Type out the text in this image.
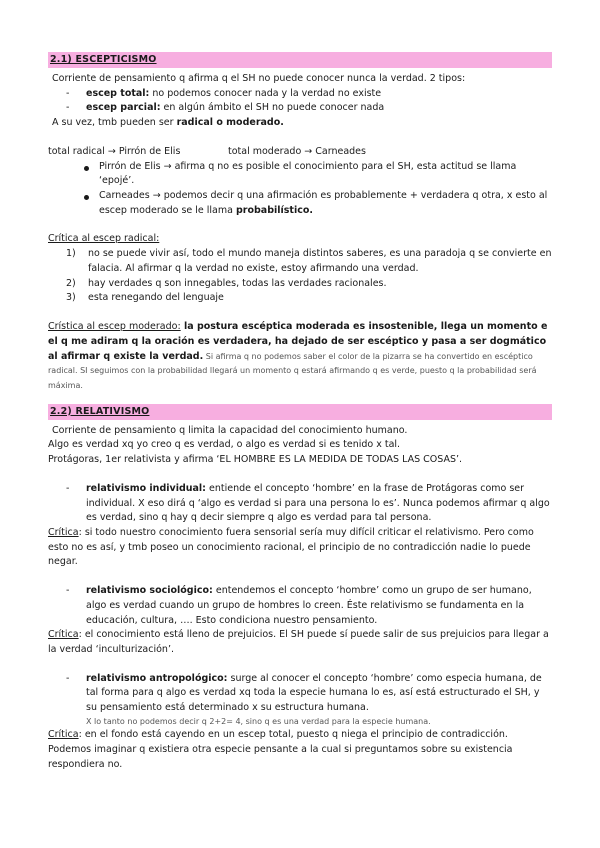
2.1) ESCEPTICISMO

Corriente de pensamiento q afirma q el SH no puede conocer nunca la verdad. 2 tipos:

- escep total: no podemos conocer nada y la verdad no existe
- escep parcial: en algún ámbito el SH no puede conocer nada

A su vez, tmb pueden ser radical o moderado.

total radical → Pirrón de Elis	total moderado → Carneades
Pirrón de Elis → afirma q no es posible el conocimiento para el SH, esta actitud se llama ‘epojé’.
Carneades → podemos decir q una afirmación es probablemente + verdadera q otra, x esto al escep moderado se le llama probabilístico.

Crítica al escep radical:

1) no se puede vivir así, todo el mundo maneja distintos saberes, es una paradoja q se convierte en falacia. Al afirmar q la verdad no existe, estoy afirmando una verdad.
2) hay verdades q son innegables, todas las verdades racionales.
3) esta renegando del lenguaje

Crística al escep moderado: la postura escéptica moderada es insostenible, llega un momento e el q me adiram q la oración es verdadera, ha dejado de ser escéptico y pasa a ser dogmático al afirmar q existe la verdad. Si afirma q no podemos saber el color de la pizarra se ha convertido en escéptico radical. SI seguimos con la probabilidad llegará un momento q estará afirmando q es verde, puesto q la probabilidad será máxima.

2.2) RELATIVISMO

Corriente de pensamiento q limita la capacidad del conocimiento humano.

Algo es verdad xq yo creo q es verdad, o algo es verdad si es tenido x tal.

Protágoras, 1er relativista y afirma ‘EL HOMBRE ES LA MEDIDA DE TODAS LAS COSAS’.

- relativismo individual: entiende el concepto ‘hombre’ en la frase de Protágoras como ser individual. X eso dirá q ‘algo es verdad si para una persona lo es’. Nunca podemos afirmar q algo es verdad, sino q hay q decir siempre q algo es verdad para tal persona.

Crítica: si todo nuestro conocimiento fuera sensorial sería muy difícil criticar el relativismo. Pero como esto no es así, y tmb poseo un conocimiento racional, el principio de no contradicción nadie lo puede negar.

- relativismo sociológico: entendemos el concepto ‘hombre’ como un grupo de ser humano, algo es verdad cuando un grupo de hombres lo creen. Éste relativismo se fundamenta en la educación, cultura, …. Esto condiciona nuestro pensamiento.

Crítica: el conocimiento está lleno de prejuicios. El SH puede sí puede salir de sus prejuicios para llegar a la verdad ‘inculturización’.

- relativismo antropológico: surge al conocer el concepto ‘hombre’ como especia humana, de tal forma para q algo es verdad xq toda la especie humana lo es, así está estructurado el SH, y su pensamiento está determinado x su estructura humana.

X lo tanto no podemos decir q 2+2= 4, sino q es una verdad para la especie humana.

Crítica: en el fondo está cayendo en un escep total, puesto q niega el principio de contradicción. Podemos imaginar q existiera otra especie pensante a la cual si preguntamos sobre su existencia respondiera no.
